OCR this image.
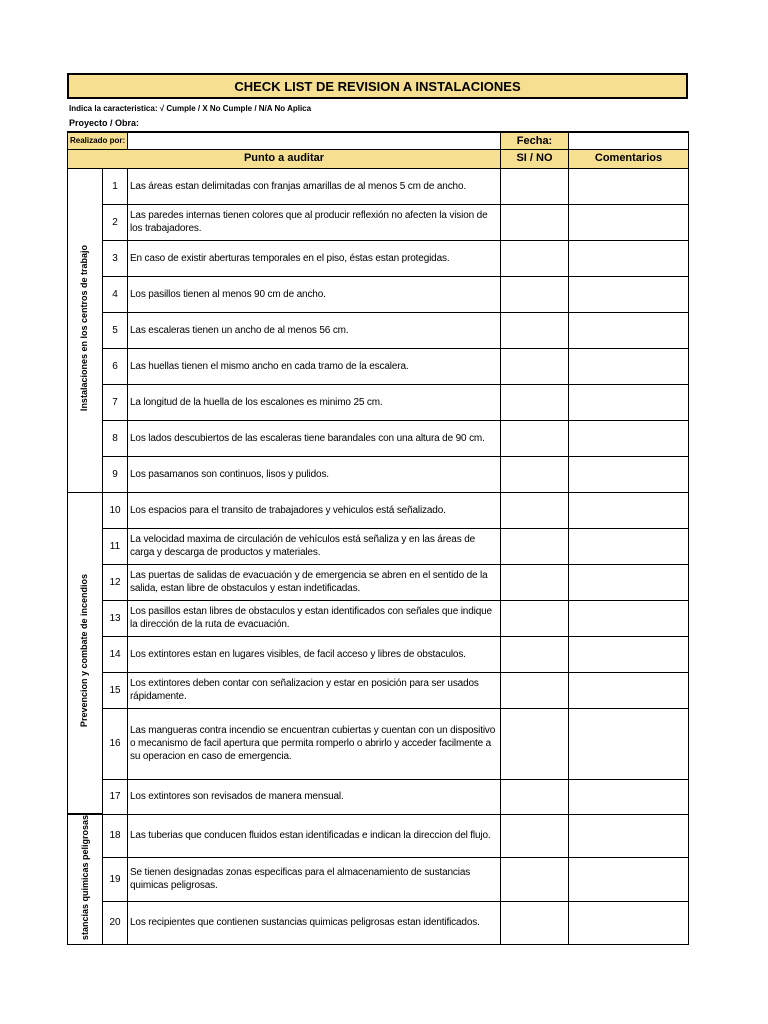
CHECK LIST DE REVISION A INSTALACIONES
Indica la caracteristica: √ Cumple / X No Cumple / N/A No Aplica
Proyecto / Obra:
Realizado por:			Fecha:	
Punto a auditar			SI / NO	Comentarios
Instalaciones en los centros de trabajo	1	Las áreas estan delimitadas con franjas amarillas de al menos 5 cm de ancho.		
	2	Las paredes internas tienen colores que al producir reflexión no afecten la vision de los trabajadores.		
	3	En caso de existir aberturas temporales en el piso, éstas estan protegidas.		
	4	Los pasillos tienen al menos 90 cm de ancho.		
	5	Las escaleras tienen un ancho de al menos 56 cm.		
	6	Las huellas tienen el mismo ancho en cada tramo de la escalera.		
	7	La longitud de la huella de los escalones es minimo 25 cm.		
	8	Los lados descubiertos de las escaleras tiene barandales con una altura de 90 cm.		
	9	Los pasamanos son continuos, lisos y pulidos.		
Prevencion y combate de incendios	10	Los espacios para el transito de trabajadores y vehiculos está señalizado.		
	11	La velocidad maxima de circulación de vehículos está señaliza y en las áreas de carga y descarga de productos y materiales.		
	12	Las puertas de salidas de evacuación y de emergencia se abren en el sentido de la salida, estan libre de obstaculos y estan indetificadas.		
	13	Los pasillos estan libres de obstaculos y estan identificados con señales que indique la dirección de la ruta de evacuación.		
	14	Los extintores estan en lugares visibles, de facil acceso y libres de obstaculos.		
	15	Los extintores deben contar con señalizacion y estar en posición para ser usados rápidamente.		
	16	Las mangueras contra incendio se encuentran cubiertas y cuentan con un dispositivo o mecanismo de facil apertura que permita romperlo o abrirlo y acceder facilmente a su operacion en caso de emergencia.		
	17	Los extintores son revisados de manera mensual.		
stancias quimicas peligrosas	18	Las tuberias que conducen fluidos estan identificadas e indican la direccion del flujo.		
	19	Se tienen designadas zonas especificas para el almacenamiento de sustancias quimicas peligrosas.		
	20	Los recipientes que contienen sustancias quimicas peligrosas estan identificados.		
